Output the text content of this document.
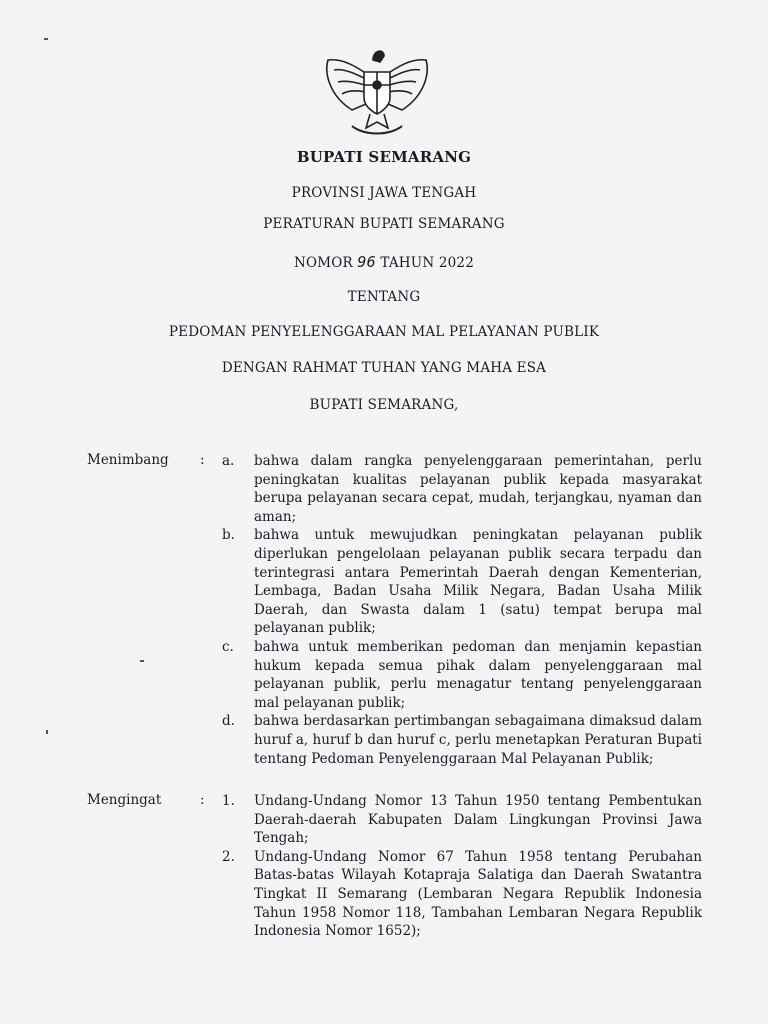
BUPATI SEMARANG
PROVINSI JAWA TENGAH
PERATURAN BUPATI SEMARANG
NOMOR 96 TAHUN 2022
TENTANG
PEDOMAN PENYELENGGARAAN MAL PELAYANAN PUBLIK
DENGAN RAHMAT TUHAN YANG MAHA ESA
BUPATI SEMARANG,
Menimbang : a.	bahwa dalam rangka penyelenggaraan pemerintahan, perlu peningkatan kualitas pelayanan publik kepada masyarakat berupa pelayanan secara cepat, mudah, terjangkau, nyaman dan aman;
b.	bahwa untuk mewujudkan peningkatan pelayanan publik diperlukan pengelolaan pelayanan publik secara terpadu dan terintegrasi antara Pemerintah Daerah dengan Kementerian, Lembaga, Badan Usaha Milik Negara, Badan Usaha Milik Daerah, dan Swasta dalam 1 (satu) tempat berupa mal pelayanan publik;
c.	bahwa untuk memberikan pedoman dan menjamin kepastian hukum kepada semua pihak dalam penyelenggaraan mal pelayanan publik, perlu menagatur tentang penyelenggaraan mal pelayanan publik;
d.	bahwa berdasarkan pertimbangan sebagaimana dimaksud dalam huruf a, huruf b dan huruf c, perlu menetapkan Peraturan Bupati tentang Pedoman Penyelenggaraan Mal Pelayanan Publik;
Mengingat	: 1.	Undang-Undang Nomor 13 Tahun 1950 tentang Pembentukan Daerah-daerah Kabupaten Dalam Lingkungan Provinsi Jawa Tengah;
2.	Undang-Undang Nomor 67 Tahun 1958 tentang Perubahan Batas-batas Wilayah Kotapraja Salatiga dan Daerah Swatantra Tingkat II Semarang (Lembaran Negara Republik Indonesia Tahun 1958 Nomor 118, Tambahan Lembaran Negara Republik Indonesia Nomor 1652);
